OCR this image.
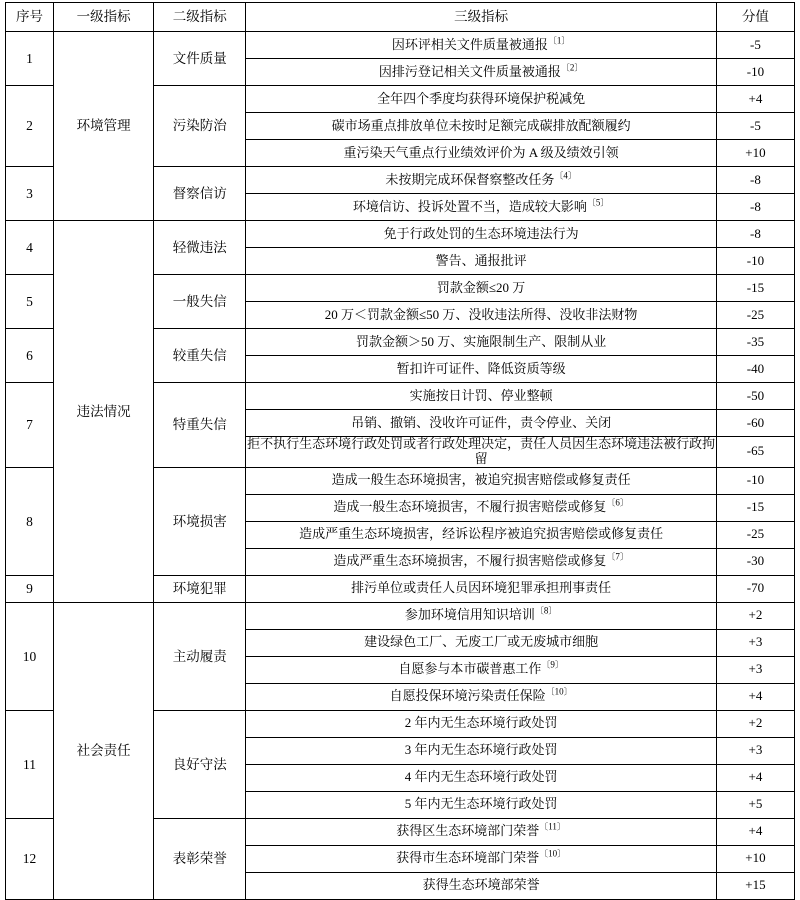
序号	一级指标	二级指标	三级指标	分值
1	环境管理	文件质量	因环评相关文件质量被通报$^{〔1〕}$	-5
			因排污登记相关文件质量被通报$^{〔2〕}$	-10
2		污染防治	全年四个季度均获得环境保护税减免	+4
			碳市场重点排放单位未按时足额完成碳排放配额履约	-5
			重污染天气重点行业绩效评价为 A 级及绩效引领	+10
3		督察信访	未按期完成环保督察整改任务$^{〔4〕}$	-8
			环境信访、投诉处置不当，造成较大影响$^{〔5〕}$	-8
4	违法情况	轻微违法	免于行政处罚的生态环境违法行为	-8
			警告、通报批评	-10
5		一般失信	罚款金额≤20 万	-15
			20 万＜罚款金额≤50 万、没收违法所得、没收非法财物	-25
6		较重失信	罚款金额＞50 万、实施限制生产、限制从业	-35
			暂扣许可证件、降低资质等级	-40
7		特重失信	实施按日计罚、停业整顿	-50
			吊销、撤销、没收许可证件，责令停业、关闭	-60
			拒不执行生态环境行政处罚或者行政处理决定，责任人员因生态环境违法被行政拘留	-65
8		环境损害	造成一般生态环境损害，被追究损害赔偿或修复责任	-10
			造成一般生态环境损害，不履行损害赔偿或修复$^{〔6〕}$	-15
			造成严重生态环境损害，经诉讼程序被追究损害赔偿或修复责任	-25
			造成严重生态环境损害，不履行损害赔偿或修复$^{〔7〕}$	-30
9		环境犯罪	排污单位或责任人员因环境犯罪承担刑事责任	-70
10	社会责任	主动履责	参加环境信用知识培训$^{〔8〕}$	+2
			建设绿色工厂、无废工厂或无废城市细胞	+3
			自愿参与本市碳普惠工作$^{〔9〕}$	+3
			自愿投保环境污染责任保险$^{〔10〕}$	+4
11		良好守法	2 年内无生态环境行政处罚	+2
			3 年内无生态环境行政处罚	+3
			4 年内无生态环境行政处罚	+4
			5 年内无生态环境行政处罚	+5
12		表彰荣誉	获得区生态环境部门荣誉$^{〔11〕}$	+4
			获得市生态环境部门荣誉$^{〔10〕}$	+10
			获得生态环境部荣誉	+15
